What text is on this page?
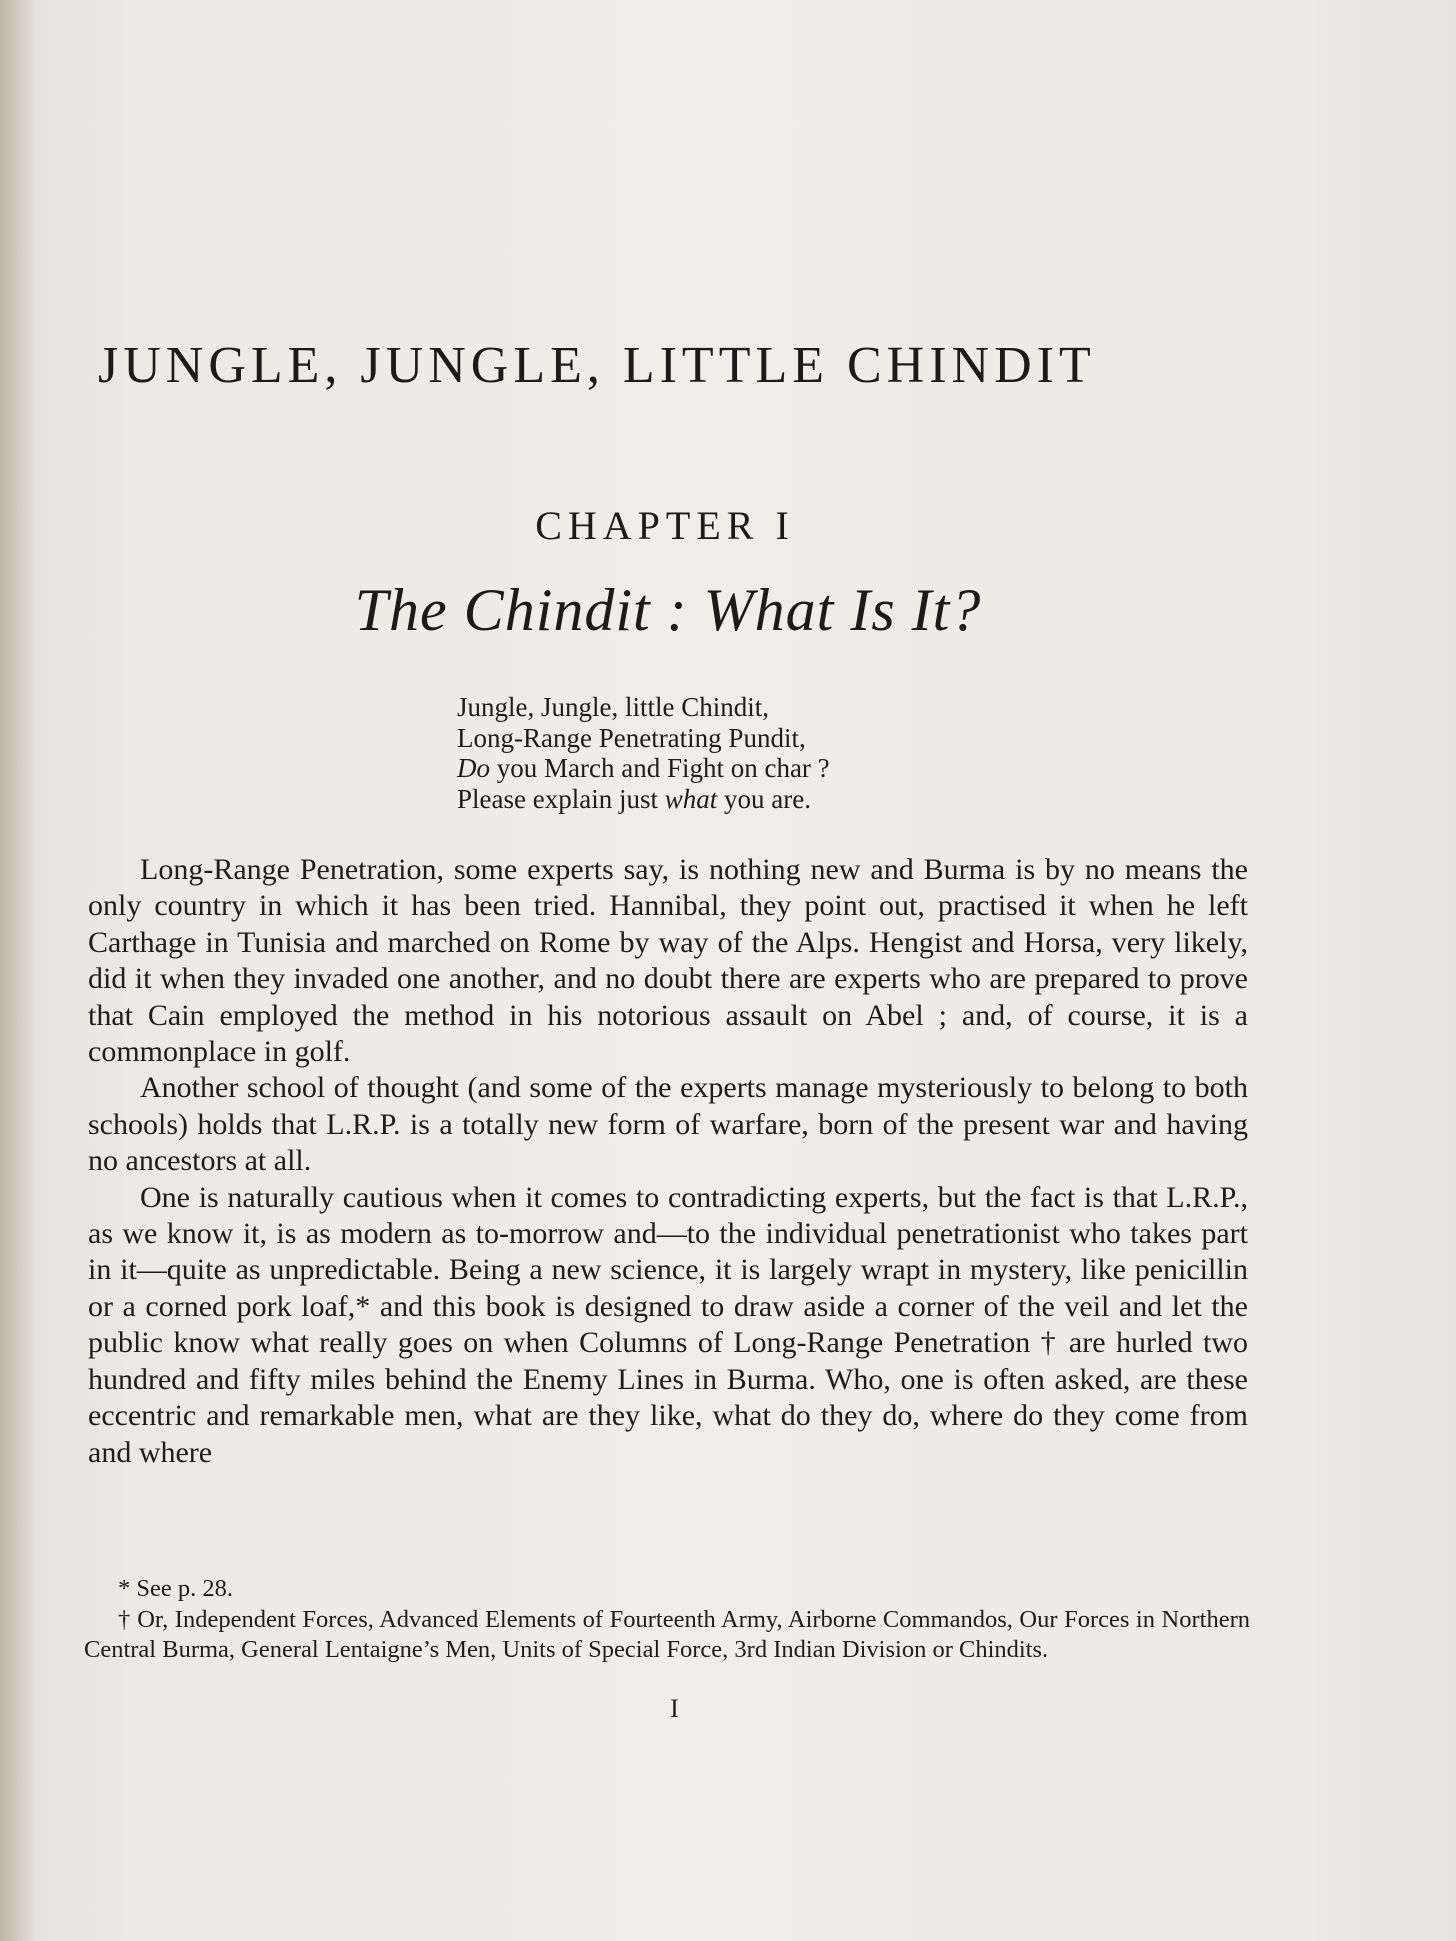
JUNGLE, JUNGLE, LITTLE CHINDIT
CHAPTER I
The Chindit : What Is It?
Jungle, Jungle, little Chindit,
Long-Range Penetrating Pundit,
Do you March and Fight on char ?
Please explain just what you are.

Long-Range Penetration, some experts say, is nothing new and Burma is by no means the only country in which it has been tried. Hannibal, they point out, practised it when he left Carthage in Tunisia and marched on Rome by way of the Alps. Hengist and Horsa, very likely, did it when they invaded one another, and no doubt there are experts who are prepared to prove that Cain employed the method in his notorious assault on Abel ; and, of course, it is a commonplace in golf.

Another school of thought (and some of the experts manage mysteriously to belong to both schools) holds that L.R.P. is a totally new form of warfare, born of the present war and having no ancestors at all.

One is naturally cautious when it comes to contradicting experts, but the fact is that L.R.P., as we know it, is as modern as to-morrow and—to the individual penetrationist who takes part in it—quite as unpredictable. Being a new science, it is largely wrapt in mystery, like penicillin or a corned pork loaf,* and this book is designed to draw aside a corner of the veil and let the public know what really goes on when Columns of Long-Range Penetration † are hurled two hundred and fifty miles behind the Enemy Lines in Burma. Who, one is often asked, are these eccentric and remarkable men, what are they like, what do they do, where do they come from and where

* See p. 28.

† Or, Independent Forces, Advanced Elements of Fourteenth Army, Airborne Commandos, Our Forces in Northern Central Burma, General Lentaigne’s Men, Units of Special Force, 3rd Indian Division or Chindits.

I
